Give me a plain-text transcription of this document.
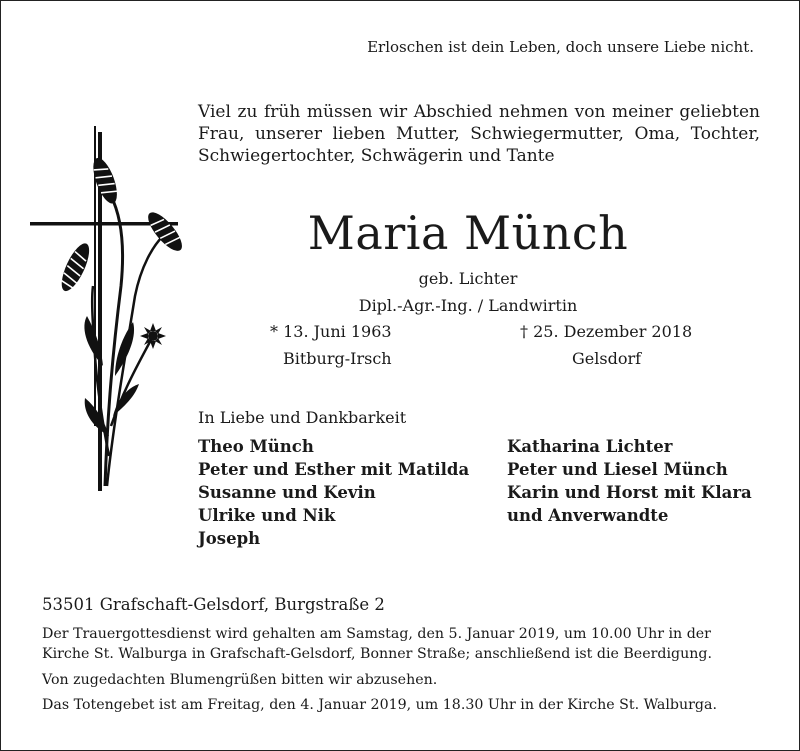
Erloschen ist dein Leben, doch unsere Liebe nicht.
Viel zu früh müssen wir Abschied nehmen von meiner geliebten
Frau, unserer lieben Mutter, Schwiegermutter, Oma, Tochter,
Schwiegertochter, Schwägerin und Tante
Maria Münch
geb. Lichter
Dipl.-Agr.-Ing. / Landwirtin
* 13. Juni 1963	† 25. Dezember 2018
Bitburg-Irsch	Gelsdorf
In Liebe und Dankbarkeit
Theo Münch
Peter und Esther mit Matilda
Susanne und Kevin
Ulrike und Nik
Joseph
Katharina Lichter
Peter und Liesel Münch
Karin und Horst mit Klara
und Anverwandte
53501 Grafschaft-Gelsdorf, Burgstraße 2
Der Trauergottesdienst wird gehalten am Samstag, den 5. Januar 2019, um 10.00 Uhr in der
Kirche St. Walburga in Grafschaft-Gelsdorf, Bonner Straße; anschließend ist die Beerdigung.
Von zugedachten Blumengrüßen bitten wir abzusehen.
Das Totengebet ist am Freitag, den 4. Januar 2019, um 18.30 Uhr in der Kirche St. Walburga.
